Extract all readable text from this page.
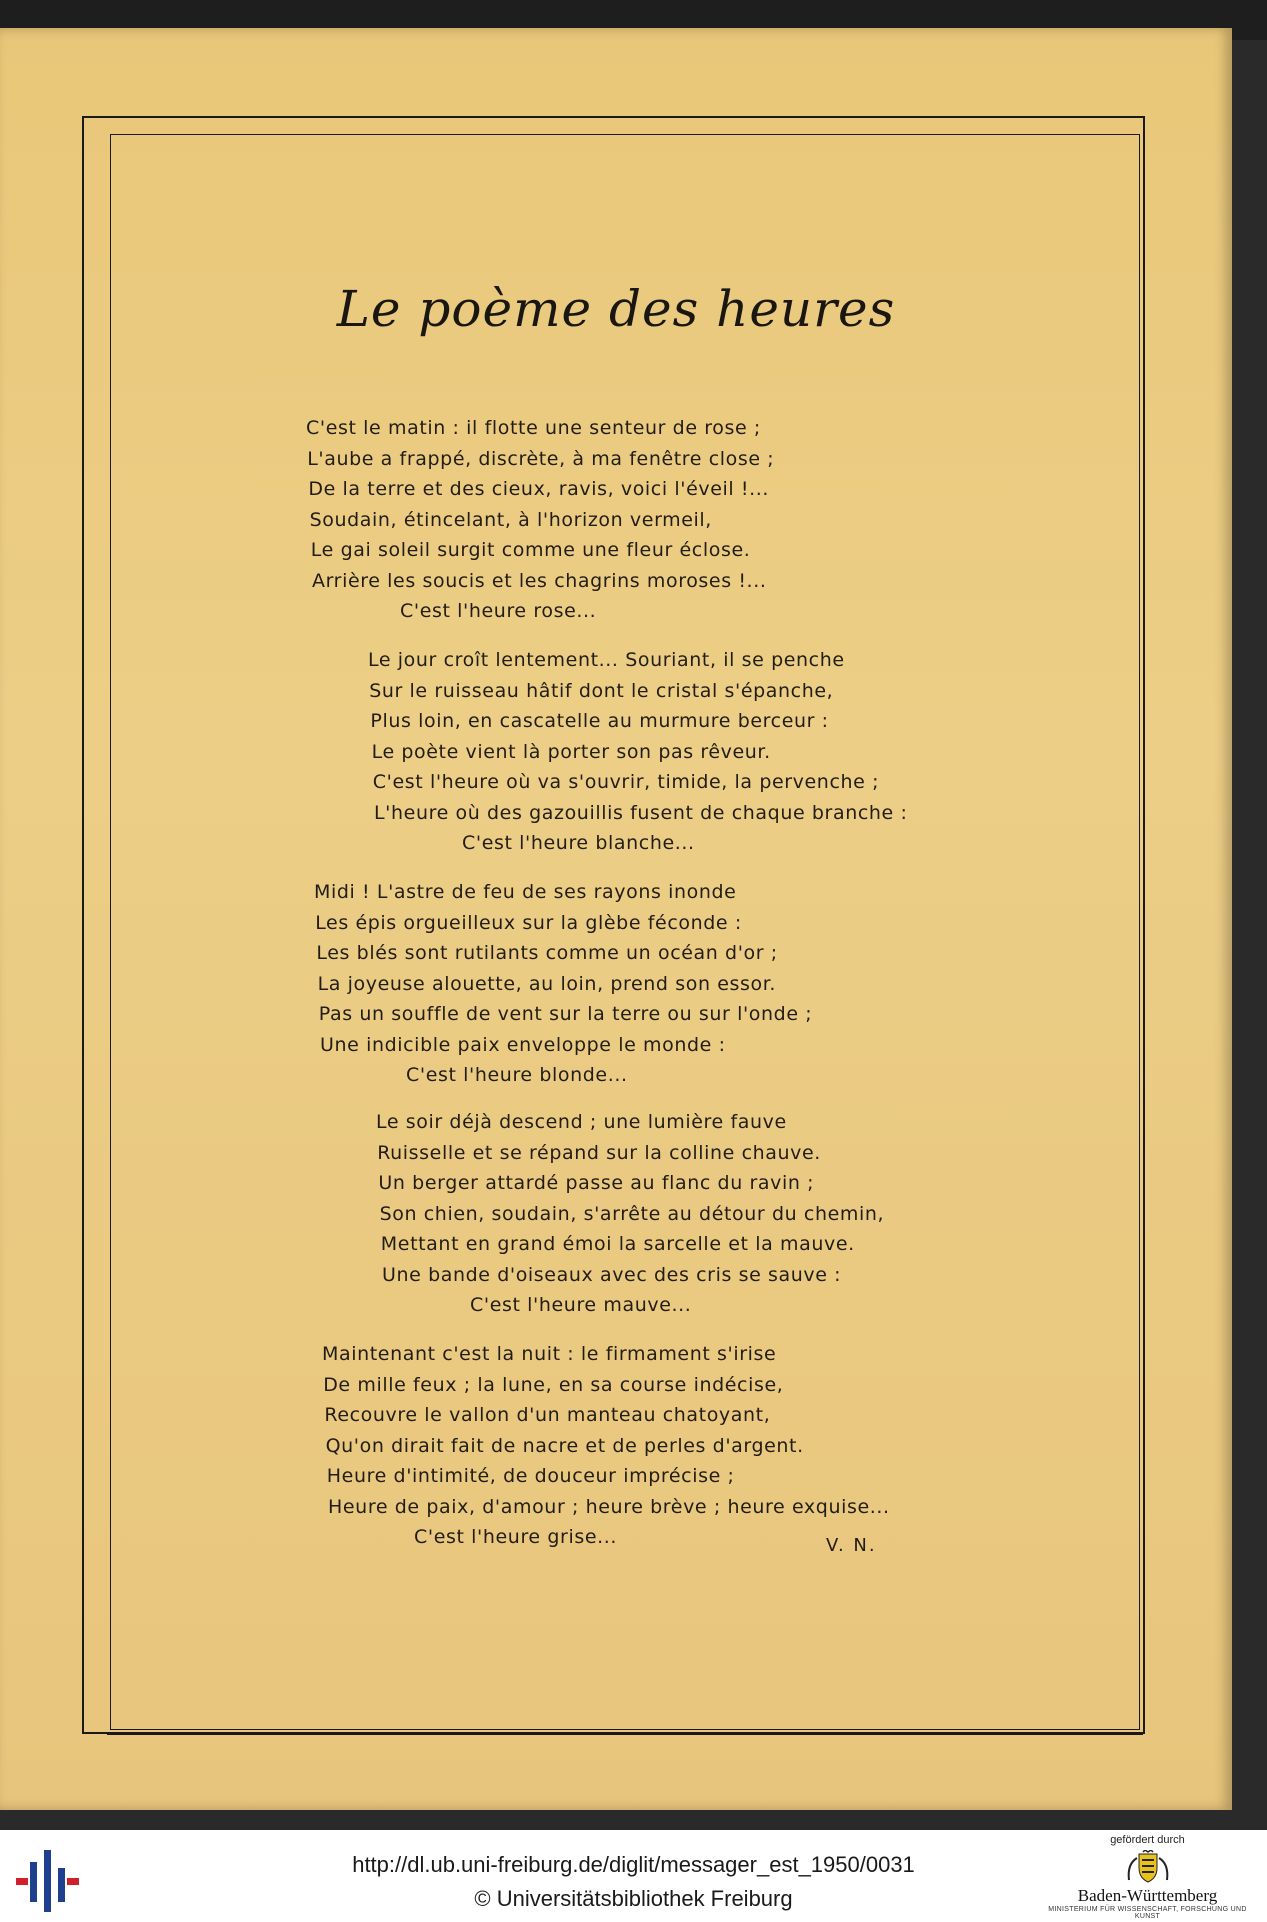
Le poème des heures
C'est le matin : il flotte une senteur de rose ;
L'aube a frappé, discrète, à ma fenêtre close ;
De la terre et des cieux, ravis, voici l'éveil !...
Soudain, étincelant, à l'horizon vermeil,
Le gai soleil surgit comme une fleur éclose.
Arrière les soucis et les chagrins moroses !...
C'est l'heure rose...
Le jour croît lentement... Souriant, il se penche
Sur le ruisseau hâtif dont le cristal s'épanche,
Plus loin, en cascatelle au murmure berceur :
Le poète vient là porter son pas rêveur.
C'est l'heure où va s'ouvrir, timide, la pervenche ;
L'heure où des gazouillis fusent de chaque branche :
C'est l'heure blanche...
Midi ! L'astre de feu de ses rayons inonde
Les épis orgueilleux sur la glèbe féconde :
Les blés sont rutilants comme un océan d'or ;
La joyeuse alouette, au loin, prend son essor.
Pas un souffle de vent sur la terre ou sur l'onde ;
Une indicible paix enveloppe le monde :
C'est l'heure blonde...
Le soir déjà descend ; une lumière fauve
Ruisselle et se répand sur la colline chauve.
Un berger attardé passe au flanc du ravin ;
Son chien, soudain, s'arrête au détour du chemin,
Mettant en grand émoi la sarcelle et la mauve.
Une bande d'oiseaux avec des cris se sauve :
C'est l'heure mauve...
Maintenant c'est la nuit : le firmament s'irise
De mille feux ; la lune, en sa course indécise,
Recouvre le vallon d'un manteau chatoyant,
Qu'on dirait fait de nacre et de perles d'argent.
Heure d'intimité, de douceur imprécise ;
Heure de paix, d'amour ; heure brève ; heure exquise...
C'est l'heure grise...	V. N.
http://dl.ub.uni-freiburg.de/diglit/messager_est_1950/0031
© Universitätsbibliothek Freiburg
gefördert durch
Baden-Württemberg
MINISTERIUM FÜR WISSENSCHAFT, FORSCHUNG UND KUNST
